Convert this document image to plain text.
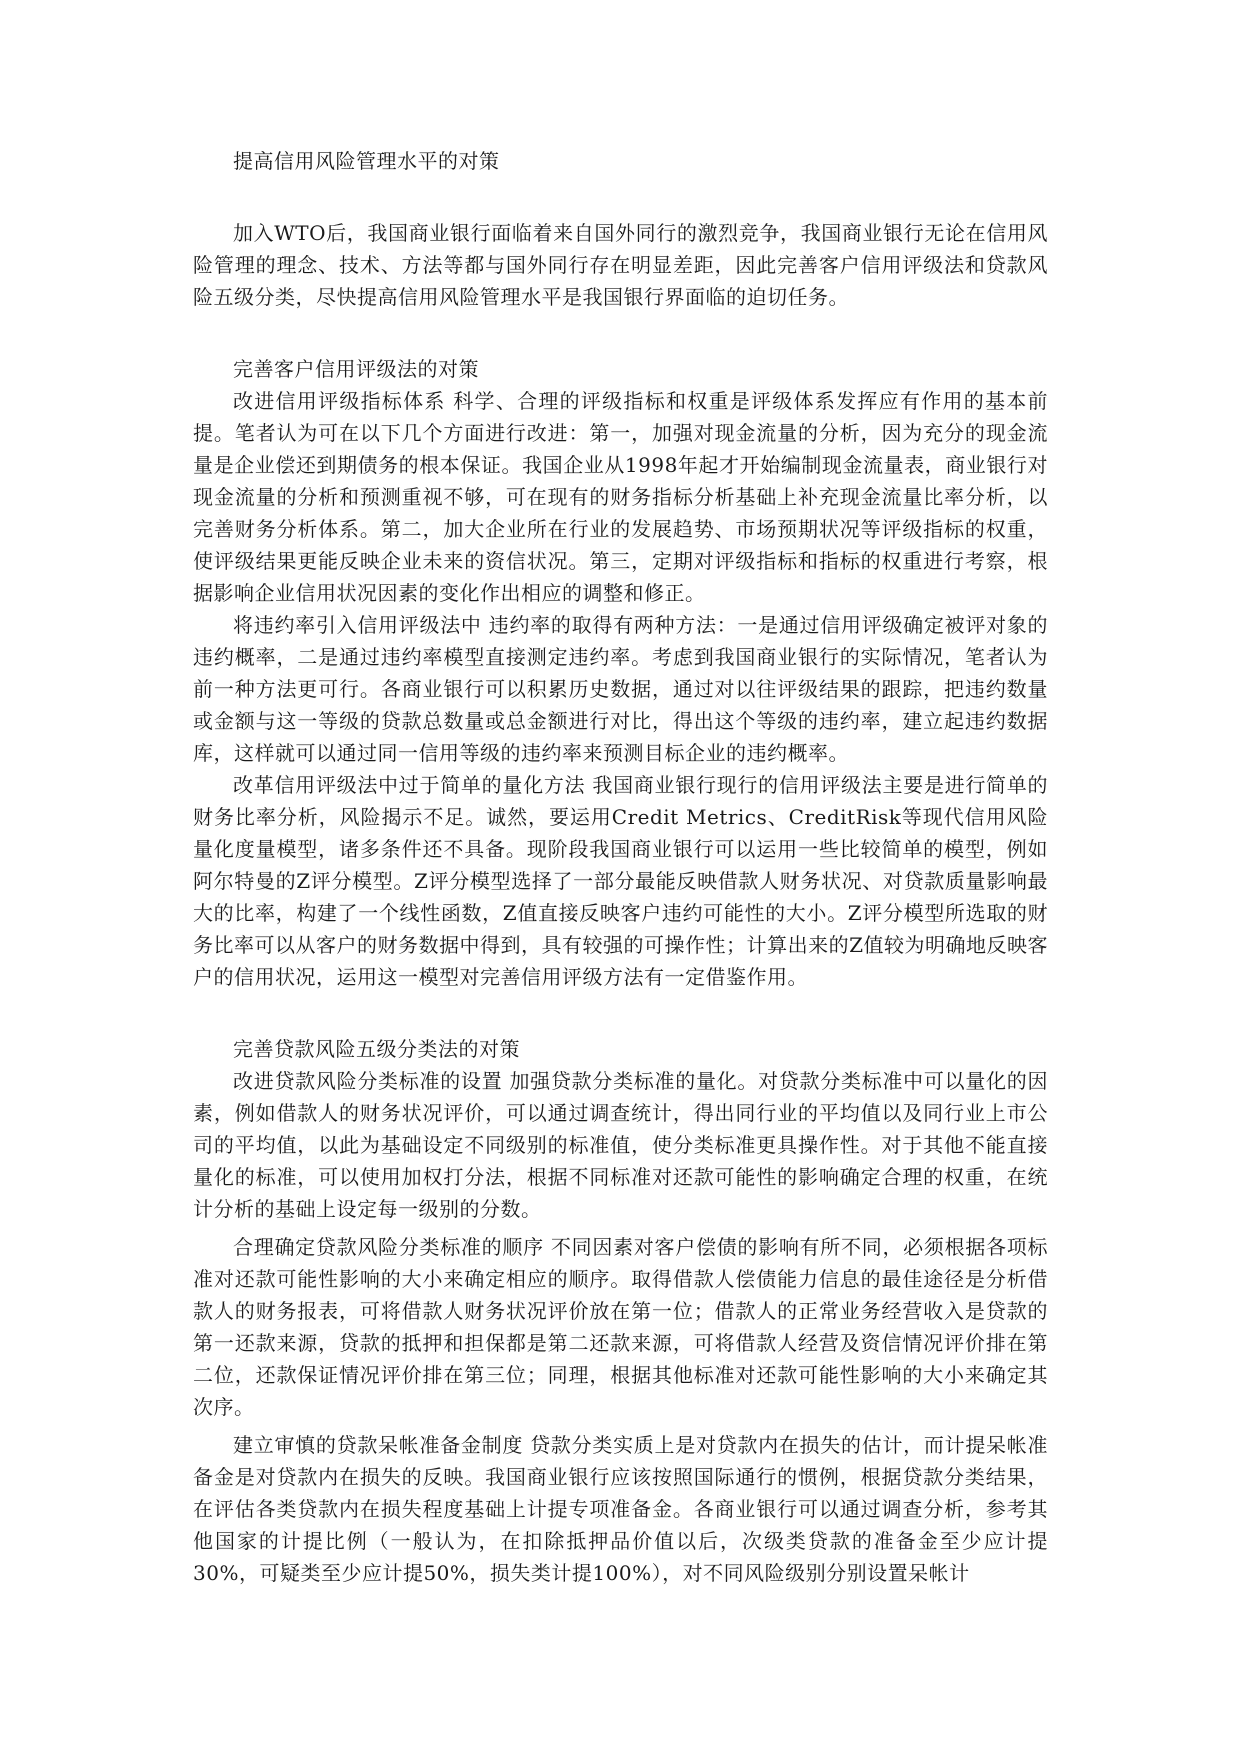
提高信用风险管理水平的对策

加入WTO后，我国商业银行面临着来自国外同行的激烈竞争，我国商业银行无论在信用风险管理的理念、技术、方法等都与国外同行存在明显差距，因此完善客户信用评级法和贷款风险五级分类，尽快提高信用风险管理水平是我国银行界面临的迫切任务。

完善客户信用评级法的对策

改进信用评级指标体系 科学、合理的评级指标和权重是评级体系发挥应有作用的基本前提。笔者认为可在以下几个方面进行改进：第一，加强对现金流量的分析，因为充分的现金流量是企业偿还到期债务的根本保证。我国企业从1998年起才开始编制现金流量表，商业银行对现金流量的分析和预测重视不够，可在现有的财务指标分析基础上补充现金流量比率分析，以完善财务分析体系。第二，加大企业所在行业的发展趋势、市场预期状况等评级指标的权重，使评级结果更能反映企业未来的资信状况。第三，定期对评级指标和指标的权重进行考察，根据影响企业信用状况因素的变化作出相应的调整和修正。

将违约率引入信用评级法中 违约率的取得有两种方法：一是通过信用评级确定被评对象的违约概率，二是通过违约率模型直接测定违约率。考虑到我国商业银行的实际情况，笔者认为前一种方法更可行。各商业银行可以积累历史数据，通过对以往评级结果的跟踪，把违约数量或金额与这一等级的贷款总数量或总金额进行对比，得出这个等级的违约率，建立起违约数据库，这样就可以通过同一信用等级的违约率来预测目标企业的违约概率。

改革信用评级法中过于简单的量化方法 我国商业银行现行的信用评级法主要是进行简单的财务比率分析，风险揭示不足。诚然，要运用Credit Metrics、CreditRisk等现代信用风险量化度量模型，诸多条件还不具备。现阶段我国商业银行可以运用一些比较简单的模型，例如阿尔特曼的Z评分模型。Z评分模型选择了一部分最能反映借款人财务状况、对贷款质量影响最大的比率，构建了一个线性函数，Z值直接反映客户违约可能性的大小。Z评分模型所选取的财务比率可以从客户的财务数据中得到，具有较强的可操作性；计算出来的Z值较为明确地反映客户的信用状况，运用这一模型对完善信用评级方法有一定借鉴作用。

完善贷款风险五级分类法的对策

改进贷款风险分类标准的设置 加强贷款分类标准的量化。对贷款分类标准中可以量化的因素，例如借款人的财务状况评价，可以通过调查统计，得出同行业的平均值以及同行业上市公司的平均值，以此为基础设定不同级别的标准值，使分类标准更具操作性。对于其他不能直接量化的标准，可以使用加权打分法，根据不同标准对还款可能性的影响确定合理的权重，在统计分析的基础上设定每一级别的分数。

合理确定贷款风险分类标准的顺序 不同因素对客户偿债的影响有所不同，必须根据各项标准对还款可能性影响的大小来确定相应的顺序。取得借款人偿债能力信息的最佳途径是分析借款人的财务报表，可将借款人财务状况评价放在第一位；借款人的正常业务经营收入是贷款的第一还款来源，贷款的抵押和担保都是第二还款来源，可将借款人经营及资信情况评价排在第二位，还款保证情况评价排在第三位；同理，根据其他标准对还款可能性影响的大小来确定其次序。

建立审慎的贷款呆帐准备金制度 贷款分类实质上是对贷款内在损失的估计，而计提呆帐准备金是对贷款内在损失的反映。我国商业银行应该按照国际通行的惯例，根据贷款分类结果，在评估各类贷款内在损失程度基础上计提专项准备金。各商业银行可以通过调查分析，参考其他国家的计提比例（一般认为，在扣除抵押品价值以后，次级类贷款的准备金至少应计提30%，可疑类至少应计提50%，损失类计提100%），对不同风险级别分别设置呆帐计
